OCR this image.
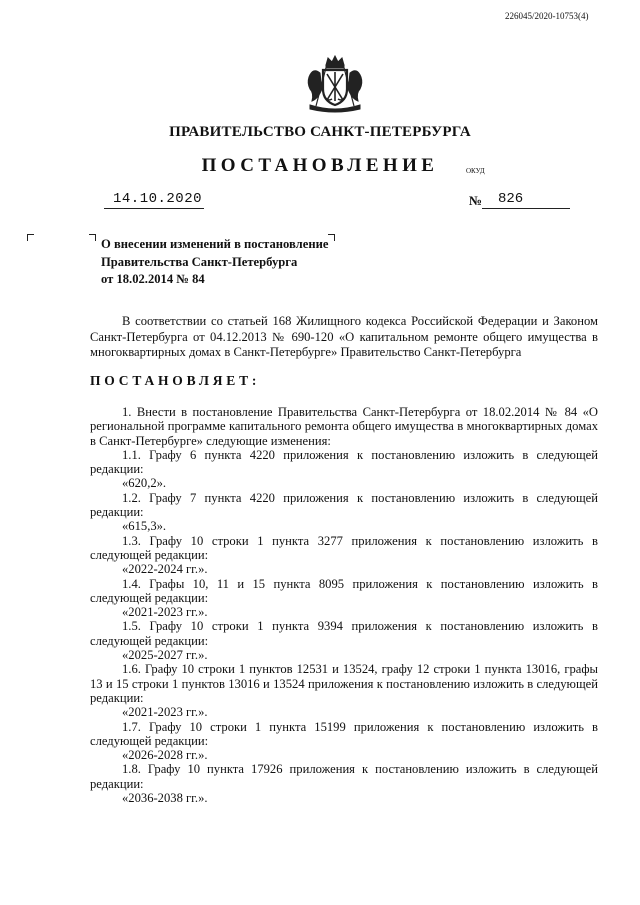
226045/2020-10753(4)
ПРАВИТЕЛЬСТВО САНКТ-ПЕТЕРБУРГА
ПОСТАНОВЛЕНИЕ	ОКУД
14.10.2020	№ 826
О внесении изменений в постановление
Правительства Санкт-Петербурга
от 18.02.2014 № 84
В соответствии со статьей 168 Жилищного кодекса Российской Федерации и Законом Санкт-Петербурга от 04.12.2013 № 690-120 «О капитальном ремонте общего имущества в многоквартирных домах в Санкт-Петербурге» Правительство Санкт-Петербурга
ПОСТАНОВЛЯЕТ:

1. Внести в постановление Правительства Санкт-Петербурга от 18.02.2014 № 84 «О региональной программе капитального ремонта общего имущества в многоквартирных домах в Санкт-Петербурге» следующие изменения:

1.1. Графу 6 пункта 4220 приложения к постановлению изложить в следующей редакции:

«620,2».

1.2. Графу 7 пункта 4220 приложения к постановлению изложить в следующей редакции:

«615,3».

1.3. Графу 10 строки 1 пункта 3277 приложения к постановлению изложить в следующей редакции:

«2022-2024 гг.».

1.4. Графы 10, 11 и 15 пункта 8095 приложения к постановлению изложить в следующей редакции:

«2021-2023 гг.».

1.5. Графу 10 строки 1 пункта 9394 приложения к постановлению изложить в следующей редакции:

«2025-2027 гг.».

1.6. Графу 10 строки 1 пунктов 12531 и 13524, графу 12 строки 1 пункта 13016, графы 13 и 15 строки 1 пунктов 13016 и 13524 приложения к постановлению изложить в следующей редакции:

«2021-2023 гг.».

1.7. Графу 10 строки 1 пункта 15199 приложения к постановлению изложить в следующей редакции:

«2026-2028 гг.».

1.8. Графу 10 пункта 17926 приложения к постановлению изложить в следующей редакции:

«2036-2038 гг.».
